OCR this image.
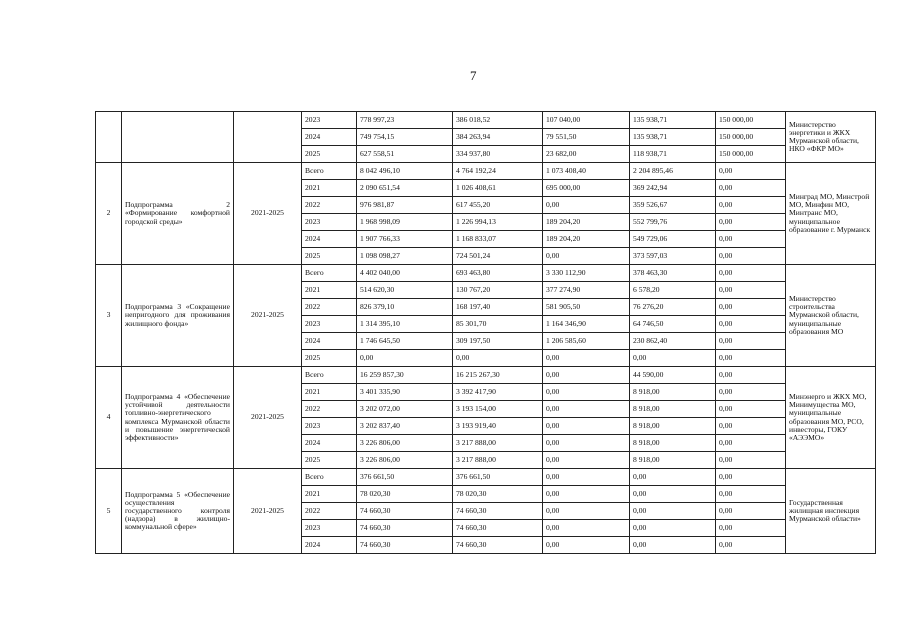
7
			2023	778 997,23	386 018,52	107 040,00	135 938,71	150 000,00	Министерство энергетики и ЖКХ Мурманской области, НКО «ФКР МО»
			2024	749 754,15	384 263,94	79 551,50	135 938,71	150 000,00	
			2025	627 558,51	334 937,80	23 682,00	118 938,71	150 000,00	
2	Подпрограмма 2 «Формирование комфортной городской среды»	2021-2025	Всего	8 042 496,10	4 764 192,24	1 073 408,40	2 204 895,46	0,00	Минград МО, Минстрой МО, Минфин МО, Минтранс МО, муниципальное образование г. Мурманск
			2021	2 090 651,54	1 026 408,61	695 000,00	369 242,94	0,00	
			2022	976 981,87	617 455,20	0,00	359 526,67	0,00	
			2023	1 968 998,09	1 226 994,13	189 204,20	552 799,76	0,00	
			2024	1 907 766,33	1 168 833,07	189 204,20	549 729,06	0,00	
			2025	1 098 098,27	724 501,24	0,00	373 597,03	0,00	
3	Подпрограмма 3 «Сокращение непригодного для проживания жилищного фонда»	2021-2025	Всего	4 402 040,00	693 463,80	3 330 112,90	378 463,30	0,00	Министерство строительства Мурманской области, муниципальные образования МО
			2021	514 620,30	130 767,20	377 274,90	6 578,20	0,00	
			2022	826 379,10	168 197,40	581 905,50	76 276,20	0,00	
			2023	1 314 395,10	85 301,70	1 164 346,90	64 746,50	0,00	
			2024	1 746 645,50	309 197,50	1 206 585,60	230 862,40	0,00	
			2025	0,00	0,00	0,00	0,00	0,00	
4	Подпрограмма 4 «Обеспечение устойчивой деятельности топливно-энергетического комплекса Мурманской области и повышение энергетической эффективности»	2021-2025	Всего	16 259 857,30	16 215 267,30	0,00	44 590,00	0,00	Минэнерго и ЖКХ МО, Минимущества МО, муниципальные образования МО, РСО, инвесторы, ГОКУ «АЭЭМО»
			2021	3 401 335,90	3 392 417,90	0,00	8 918,00	0,00	
			2022	3 202 072,00	3 193 154,00	0,00	8 918,00	0,00	
			2023	3 202 837,40	3 193 919,40	0,00	8 918,00	0,00	
			2024	3 226 806,00	3 217 888,00	0,00	8 918,00	0,00	
			2025	3 226 806,00	3 217 888,00	0,00	8 918,00	0,00	
5	Подпрограмма 5 «Обеспечение осуществления государственного контроля (надзора) в жилищно-коммунальной сфере»	2021-2025	Всего	376 661,50	376 661,50	0,00	0,00	0,00	Государственная жилищная инспекция Мурманской области»
			2021	78 020,30	78 020,30	0,00	0,00	0,00	
			2022	74 660,30	74 660,30	0,00	0,00	0,00	
			2023	74 660,30	74 660,30	0,00	0,00	0,00	
			2024	74 660,30	74 660,30	0,00	0,00	0,00	
